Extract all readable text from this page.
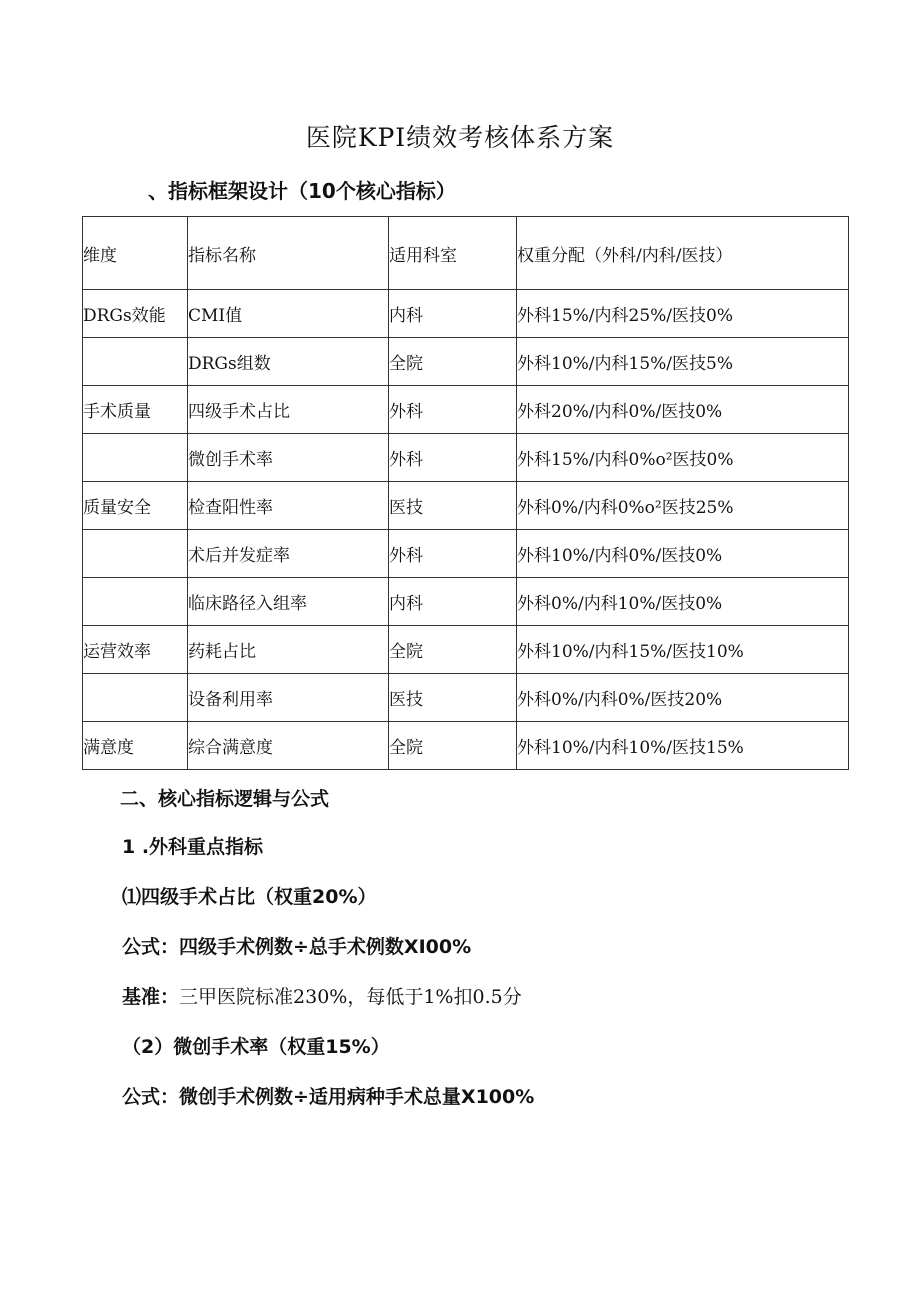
医院KPI绩效考核体系方案
、指标框架设计（10个核心指标）
维度	指标名称	适用科室	权重分配（外科/内科/医技）
DRGs效能	CMI值	内科	外科15%/内科25%/医技0%
	DRGs组数	全院	外科10%/内科15%/医技5%
手术质量	四级手术占比	外科	外科20%/内科0%/医技0%
	微创手术率	外科	外科15%/内科0%o²医技0%
质量安全	检查阳性率	医技	外科0%/内科0%o²医技25%
	术后并发症率	外科	外科10%/内科0%/医技0%
	临床路径入组率	内科	外科0%/内科10%/医技0%
运营效率	药耗占比	全院	外科10%/内科15%/医技10%
	设备利用率	医技	外科0%/内科0%/医技20%
满意度	综合满意度	全院	外科10%/内科10%/医技15%
二、核心指标逻辑与公式
1 .外科重点指标
⑴四级手术占比（权重20%）
公式：四级手术例数÷总手术例数XI00%
基准：三甲医院标准230%，每低于1%扣0.5分
（2）微创手术率（权重15%）
公式：微创手术例数÷适用病种手术总量X100%
